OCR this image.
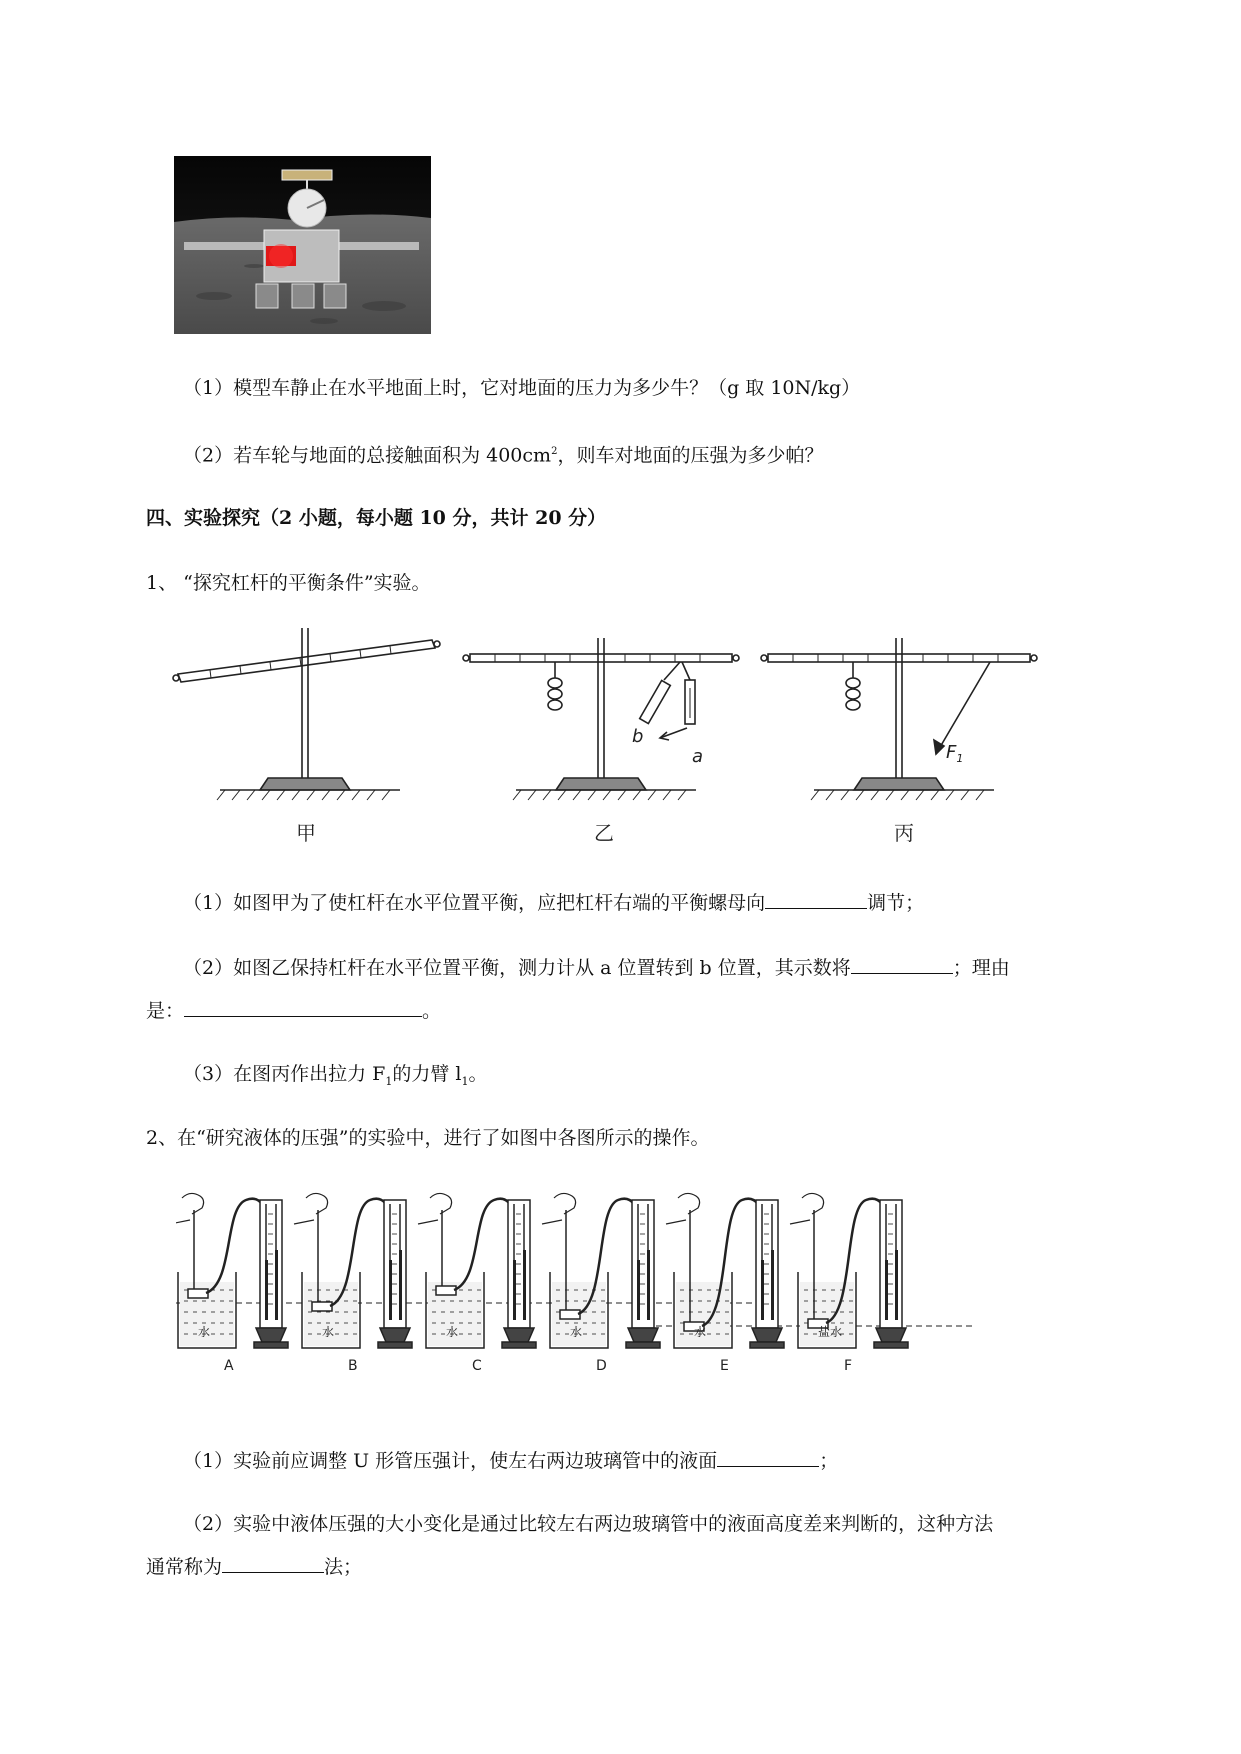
（1）模型车静止在水平地面上时，它对地面的压力为多少牛？（g 取 10N/kg）
（2）若车轮与地面的总接触面积为 $400cm^2$，则车对地面的压强为多少帕？
四、实验探究（2 小题，每小题 10 分，共计 20 分）
1、 “探究杠杆的平衡条件”实验。
甲
b
a
乙
$F_1$
丙
（1）如图甲为了使杠杆在水平位置平衡，应把杠杆右端的平衡螺母向	调节；
（2）如图乙保持杠杆在水平位置平衡，测力计从 a 位置转到 b 位置，其示数将	；理由
是：	。
（3）在图丙作出拉力 $F_1$的力臂 $l_1$。
2、在“研究液体的压强”的实验中，进行了如图中各图所示的操作。
水
A
水
B
水
C
水
D
水
E
盐水
F
（1）实验前应调整 U 形管压强计，使左右两边玻璃管中的液面	；
（2）实验中液体压强的大小变化是通过比较左右两边玻璃管中的液面高度差来判断的，这种方法
通常称为	法；
